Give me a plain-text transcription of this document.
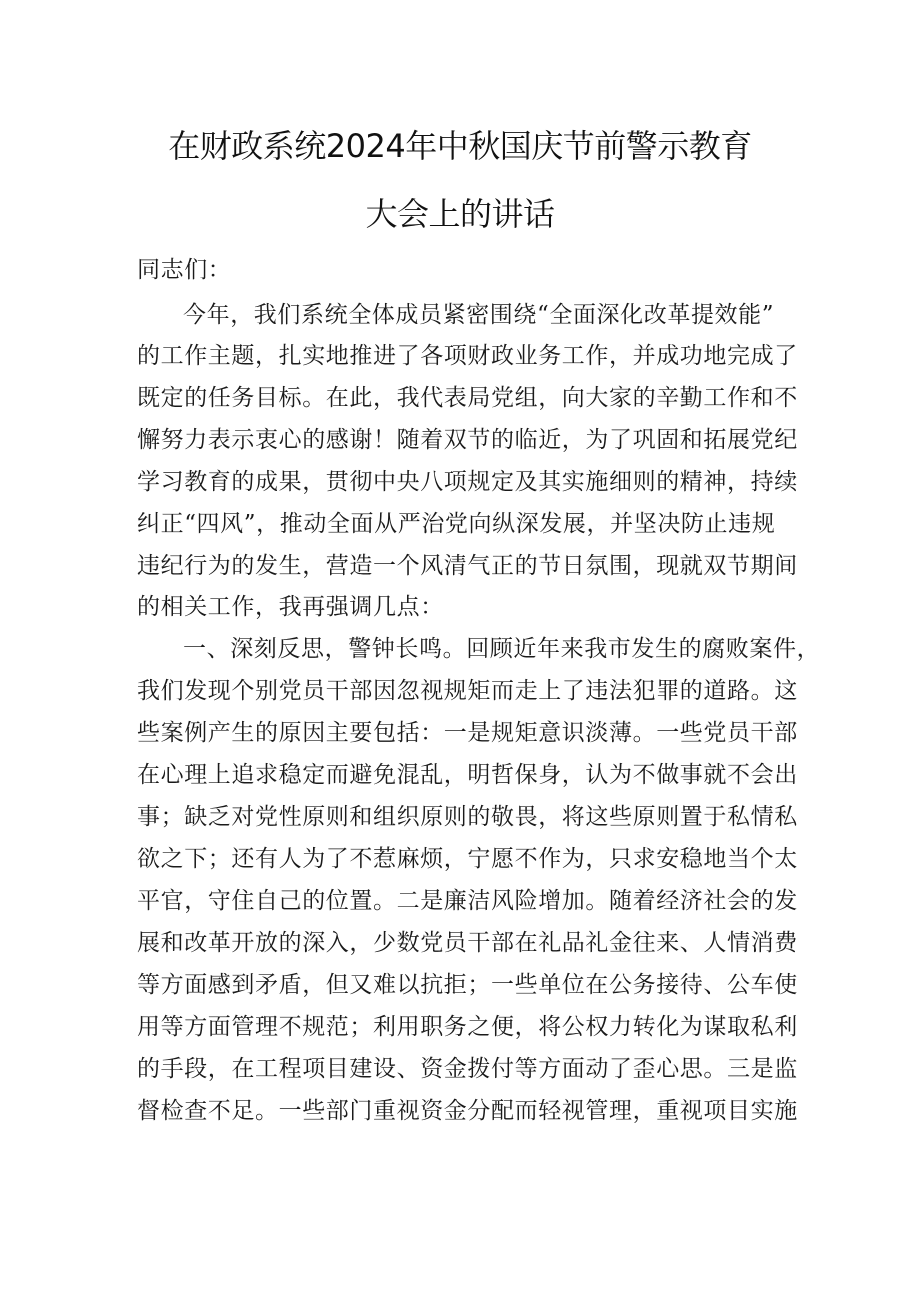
在财政系统2024年中秋国庆节前警示教育
大会上的讲话
同志们：
今年，我们系统全体成员紧密围绕“全面深化改革提效能”
的工作主题，扎实地推进了各项财政业务工作，并成功地完成了
既定的任务目标。在此，我代表局党组，向大家的辛勤工作和不
懈努力表示衷心的感谢！随着双节的临近，为了巩固和拓展党纪
学习教育的成果，贯彻中央八项规定及其实施细则的精神，持续
纠正“四风”，推动全面从严治党向纵深发展，并坚决防止违规
违纪行为的发生，营造一个风清气正的节日氛围，现就双节期间
的相关工作，我再强调几点：
一、深刻反思，警钟长鸣。回顾近年来我市发生的腐败案件，
我们发现个别党员干部因忽视规矩而走上了违法犯罪的道路。这
些案例产生的原因主要包括：一是规矩意识淡薄。一些党员干部
在心理上追求稳定而避免混乱，明哲保身，认为不做事就不会出
事；缺乏对党性原则和组织原则的敬畏，将这些原则置于私情私
欲之下；还有人为了不惹麻烦，宁愿不作为，只求安稳地当个太
平官，守住自己的位置。二是廉洁风险增加。随着经济社会的发
展和改革开放的深入，少数党员干部在礼品礼金往来、人情消费
等方面感到矛盾，但又难以抗拒；一些单位在公务接待、公车使
用等方面管理不规范；利用职务之便，将公权力转化为谋取私利
的手段，在工程项目建设、资金拨付等方面动了歪心思。三是监
督检查不足。一些部门重视资金分配而轻视管理，重视项目实施
